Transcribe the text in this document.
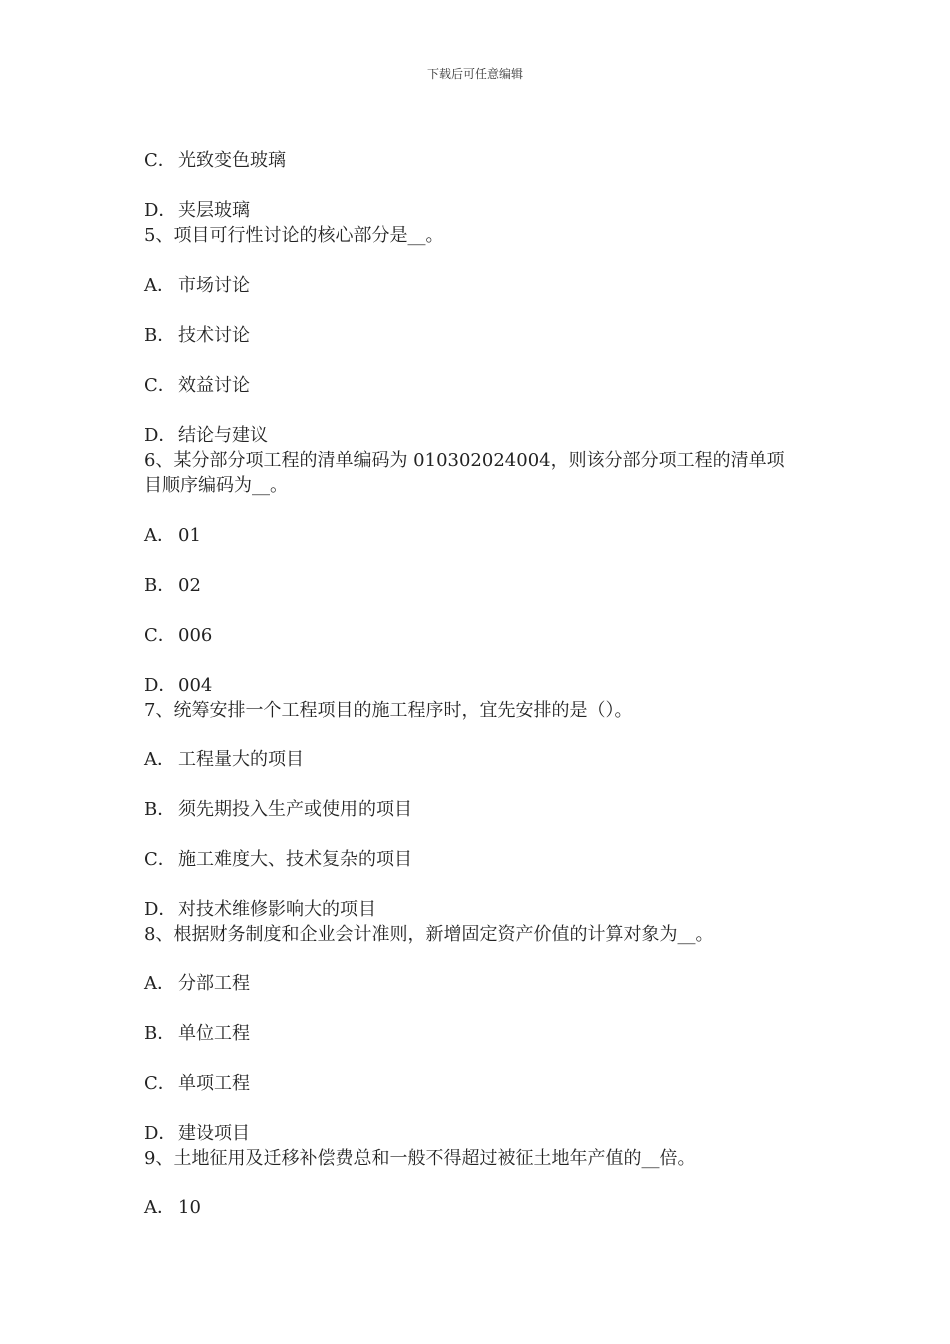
下载后可任意编辑
C． 光致变色玻璃
D．夹层玻璃
5、项目可行性讨论的核心部分是__。
A． 市场讨论
B． 技术讨论
C． 效益讨论
D．结论与建议
6、某分部分项工程的清单编码为 010302024004，则该分部分项工程的清单项
目顺序编码为__。
A． 01
B． 02
C． 006
D．004
7、统筹安排一个工程项目的施工程序时，宜先安排的是（）。
A． 工程量大的项目
B． 须先期投入生产或使用的项目
C． 施工难度大、技术复杂的项目
D．对技术维修影响大的项目
8、根据财务制度和企业会计准则，新增固定资产价值的计算对象为__。
A． 分部工程
B． 单位工程
C． 单项工程
D．建设项目
9、土地征用及迁移补偿费总和一般不得超过被征土地年产值的__倍。
A． 10
